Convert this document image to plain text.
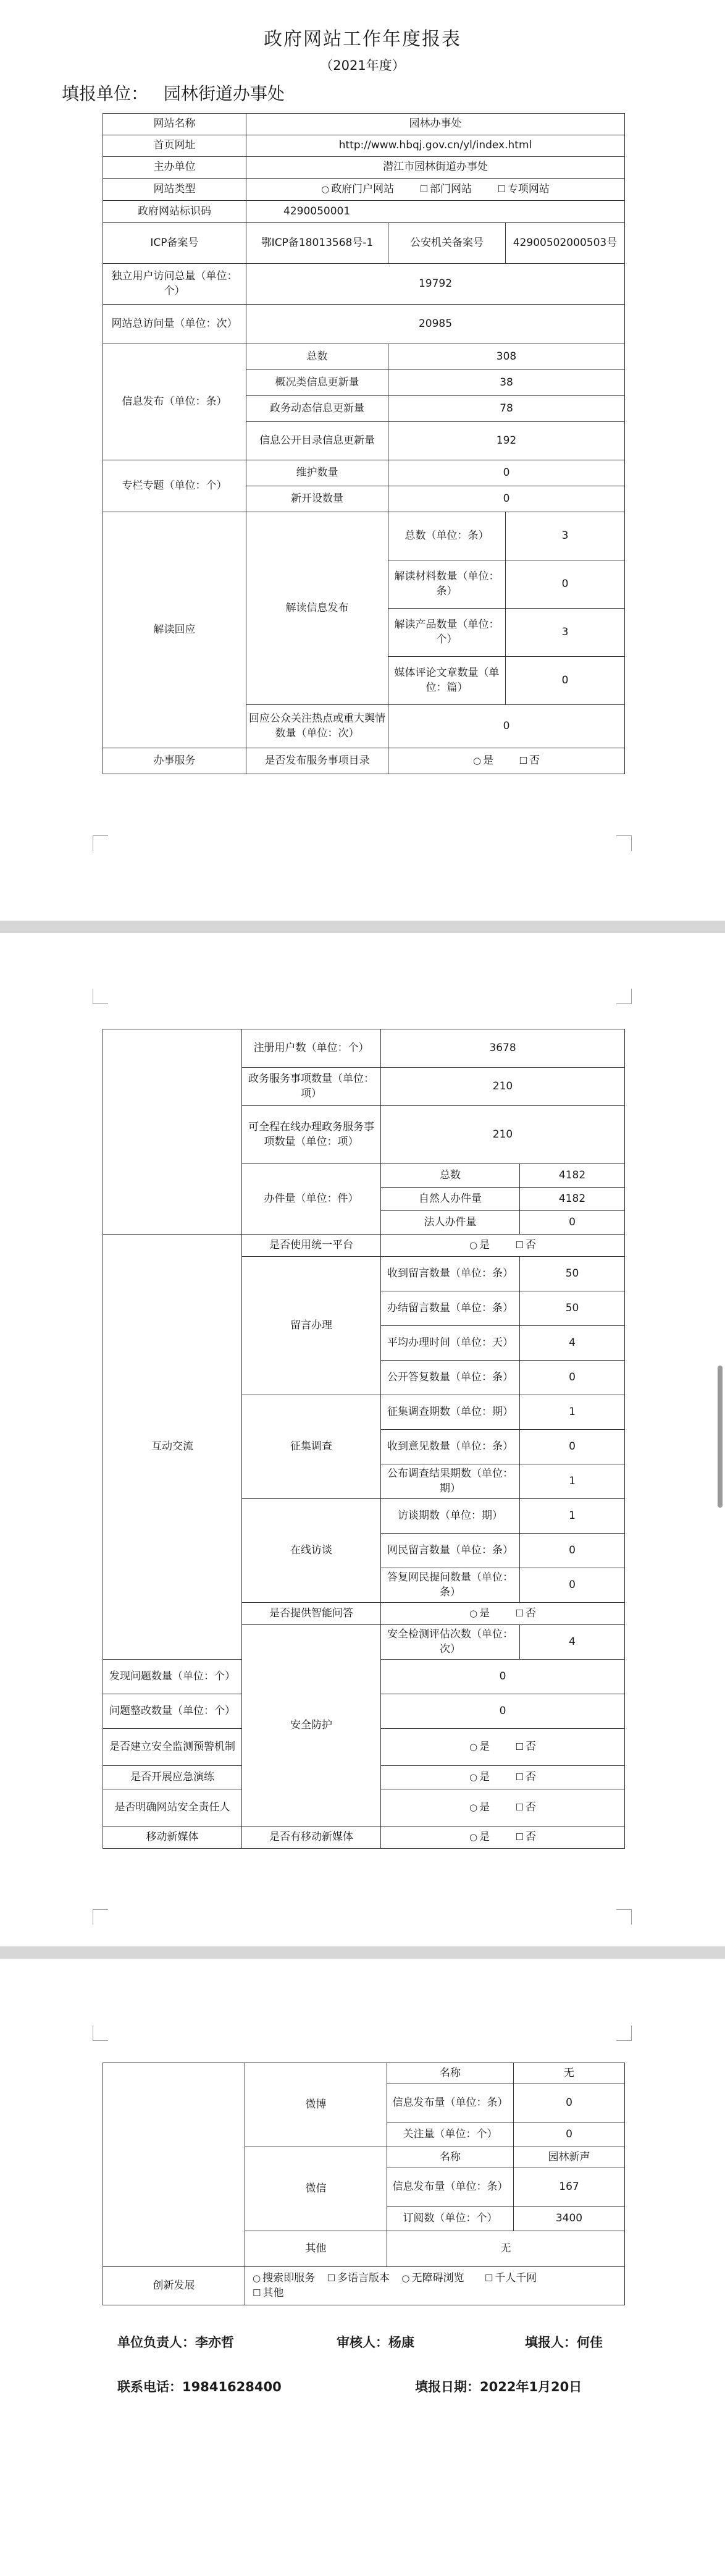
政府网站工作年度报表
（2021年度）
填报单位： 园林街道办事处
网站名称	园林办事处		
首页网址	http://www.hbqj.gov.cn/yl/index.html		
主办单位	潜江市园林街道办事处		
网站类型	○ 政府门户网站 ☐ 部门网站 ☐ 专项网站		
政府网站标识码	4290050001		
ICP备案号	鄂ICP备18013568号-1	公安机关备案号	42900502000503号
独立用户访问总量（单位：个）	19792		
网站总访问量（单位：次）	20985		
信息发布（单位：条）	总数	308	
	概况类信息更新量	38	
	政务动态信息更新量	78	
	信息公开目录信息更新量	192	
专栏专题（单位：个）	维护数量	0	
	新开设数量	0	
解读回应	解读信息发布	总数（单位：条）	3
		解读材料数量（单位：条）	0
		解读产品数量（单位：个）	3
		媒体评论文章数量（单位：篇）	0
	回应公众关注热点或重大舆情数量（单位：次）	0	
办事服务	是否发布服务事项目录	○ 是 ☐ 否	
	注册用户数（单位：个）	3678	
	政务服务事项数量（单位：项）	210	
	可全程在线办理政务服务事项数量（单位：项）	210	
	办件量（单位：件）	总数	4182
		自然人办件量	4182
		法人办件量	0
互动交流	是否使用统一平台	○ 是 ☐ 否	
	留言办理	收到留言数量（单位：条）	50
		办结留言数量（单位：条）	50
		平均办理时间（单位：天）	4
		公开答复数量（单位：条）	0
	征集调查	征集调查期数（单位：期）	1
		收到意见数量（单位：条）	0
		公布调查结果期数（单位：期）	1
	在线访谈	访谈期数（单位：期）	1
		网民留言数量（单位：条）	0
		答复网民提问数量（单位：条）	0
	是否提供智能问答	○ 是 ☐ 否	
	安全防护	安全检测评估次数（单位：次）	4
发现问题数量（单位：个）		0	
问题整改数量（单位：个）		0	
是否建立安全监测预警机制		○ 是 ☐ 否	
是否开展应急演练		○ 是 ☐ 否	
是否明确网站安全责任人		○ 是 ☐ 否	
移动新媒体	是否有移动新媒体	○ 是 ☐ 否	
	微博	名称	无
		信息发布量（单位：条）	0
		关注量（单位：个）	0
	微信	名称	园林新声
		信息发布量（单位：条）	167
		订阅数（单位：个）	3400
	其他	无	
创新发展	○ 搜索即服务 ☐ 多语言版本 ○ 无障碍浏览 ☐ 千人千网
☐ 其他		
单位负责人：李亦哲	审核人：杨康	填报人：何佳
联系电话：19841628400	填报日期：2022年1月20日
